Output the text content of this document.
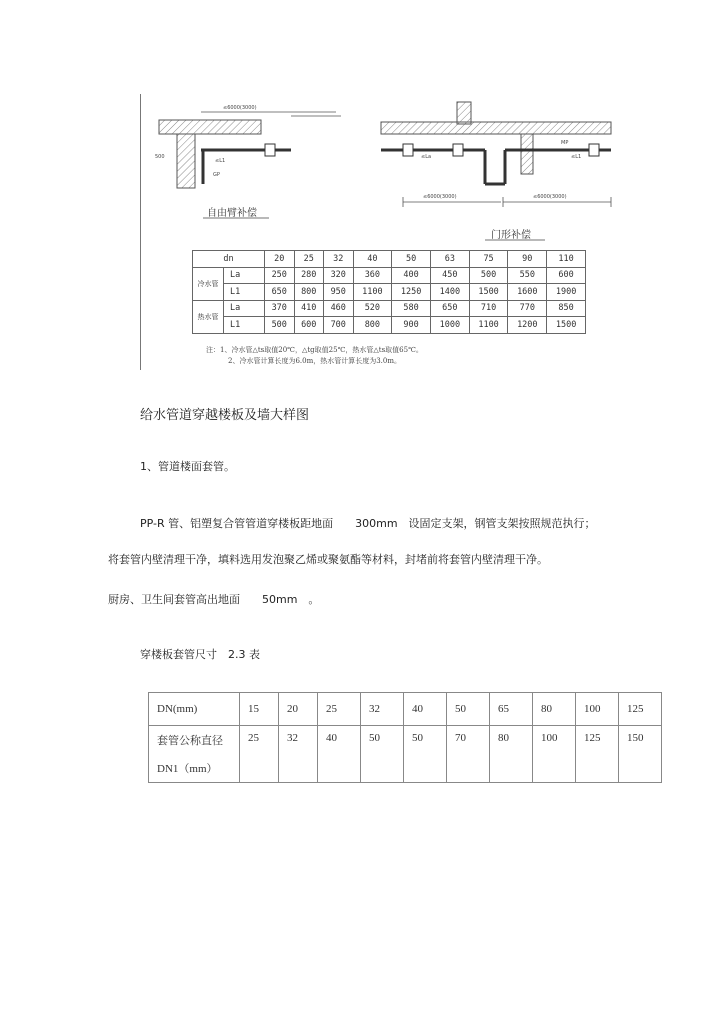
≤6000(3000)
≤L1
GP
500
MP
≤L1
≤La
≤6000(3000)	≤6000(3000)
自由臂补偿
门形补偿
dn		20	25	32	40	50	63	75	90	110
冷水管	La	250	280	320	360	400	450	500	550	600
	L1	650	800	950	1100	1250	1400	1500	1600	1900
热水管	La	370	410	460	520	580	650	710	770	850
	L1	500	600	700	800	900	1000	1100	1200	1500
注：1、冷水管△ts取值20℃，△tg取值25℃，热水管△ts取值65℃。
2、冷水管计算长度为6.0m，热水管计算长度为3.0m。
给水管道穿越楼板及墙大样图
1、管道楼面套管。
PP-R 管、铝塑复合管管道穿楼板距地面　　300mm　设固定支架，钢管支架按照规范执行；
将套管内壁清理干净，填料选用发泡聚乙烯或聚氨酯等材料，封堵前将套管内壁清理干净。
厨房、卫生间套管高出地面　　50mm　。
穿楼板套管尺寸　2.3 表
DN(mm)	15	20	25	32	40	50	65	80	100	125

套管公称直径
DN1（mm）	25	32	40	50	50	70	80	100	125	150
